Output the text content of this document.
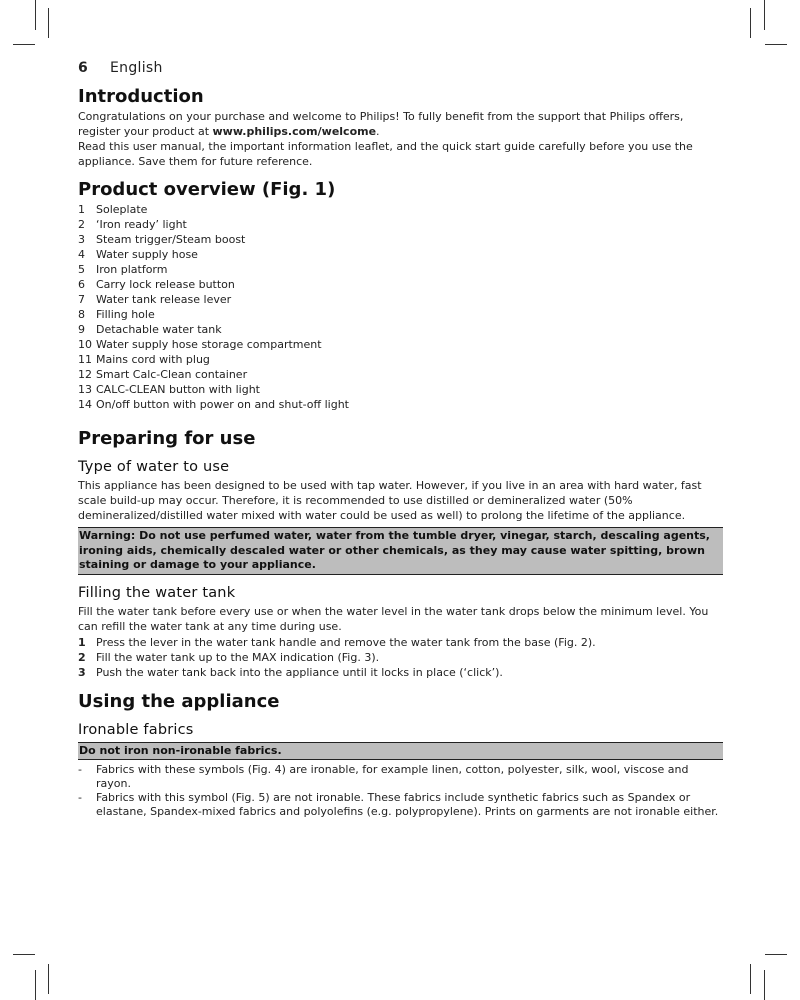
6 English
Introduction

Congratulations on your purchase and welcome to Philips! To fully benefit from the support that Philips offers, register your product at www.philips.com/welcome.

Read this user manual, the important information leaflet, and the quick start guide carefully before you use the appliance. Save them for future reference.

Product overview (Fig. 1)
1	Soleplate
2	‘Iron ready’ light
3	Steam trigger/Steam boost
4	Water supply hose
5	Iron platform
6	Carry lock release button
7	Water tank release lever
8	Filling hole
9	Detachable water tank
10 Water supply hose storage compartment
11 Mains cord with plug
12 Smart Calc-Clean container
13 CALC-CLEAN button with light
14 On/off button with power on and shut-off light
Preparing for use
Type of water to use

This appliance has been designed to be used with tap water. However, if you live in an area with hard water, fast scale build-up may occur. Therefore, it is recommended to use distilled or demineralized water (50% demineralized/distilled water mixed with water could be used as well) to prolong the lifetime of the appliance.

Warning: Do not use perfumed water, water from the tumble dryer, vinegar, starch, descaling agents, ironing aids, chemically descaled water or other chemicals, as they may cause water spitting, brown staining or damage to your appliance.
Filling the water tank

Fill the water tank before every use or when the water level in the water tank drops below the minimum level. You can refill the water tank at any time during use.

1 Press the lever in the water tank handle and remove the water tank from the base (Fig. 2).
2 Fill the water tank up to the MAX indication (Fig. 3).
3 Push the water tank back into the appliance until it locks in place (‘click’).
Using the appliance
Ironable fabrics
Do not iron non-ironable fabrics.
-	Fabrics with these symbols (Fig. 4) are ironable, for example linen, cotton, polyester, silk, wool, viscose and rayon.
-	Fabrics with this symbol (Fig. 5) are not ironable. These fabrics include synthetic fabrics such as Spandex or elastane, Spandex-mixed fabrics and polyolefins (e.g. polypropylene). Prints on garments are not ironable either.
